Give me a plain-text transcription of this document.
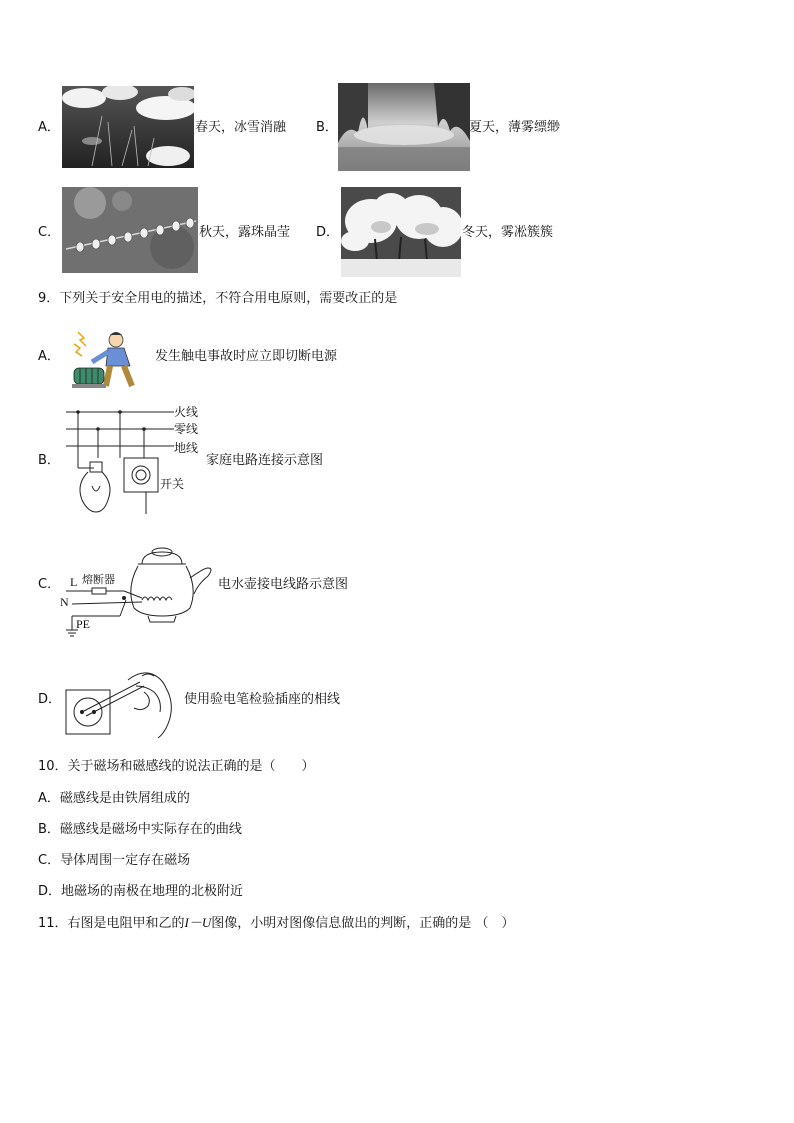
A．	春天，冰雪消融 B．	夏天，薄雾缥缈
C．	秋天，露珠晶莹 D．	冬天，雾凇簇簇
9．下列关于安全用电的描述，不符合用电原则，需要改正的是
A．	发生触电事故时应立即切断电源
B．
火线
零线
地线
开关
家庭电路连接示意图
C． L 熔断器
N
PE
电水壶接电线路示意图
D．	使用验电笔检验插座的相线
10．关于磁场和磁感线的说法正确的是（　　）
A．磁感线是由铁屑组成的
B．磁感线是磁场中实际存在的曲线
C．导体周围一定存在磁场
D．地磁场的南极在地理的北极附近
11．右图是电阻甲和乙的I－U图像，小明对图像信息做出的判断，正确的是 （　）
